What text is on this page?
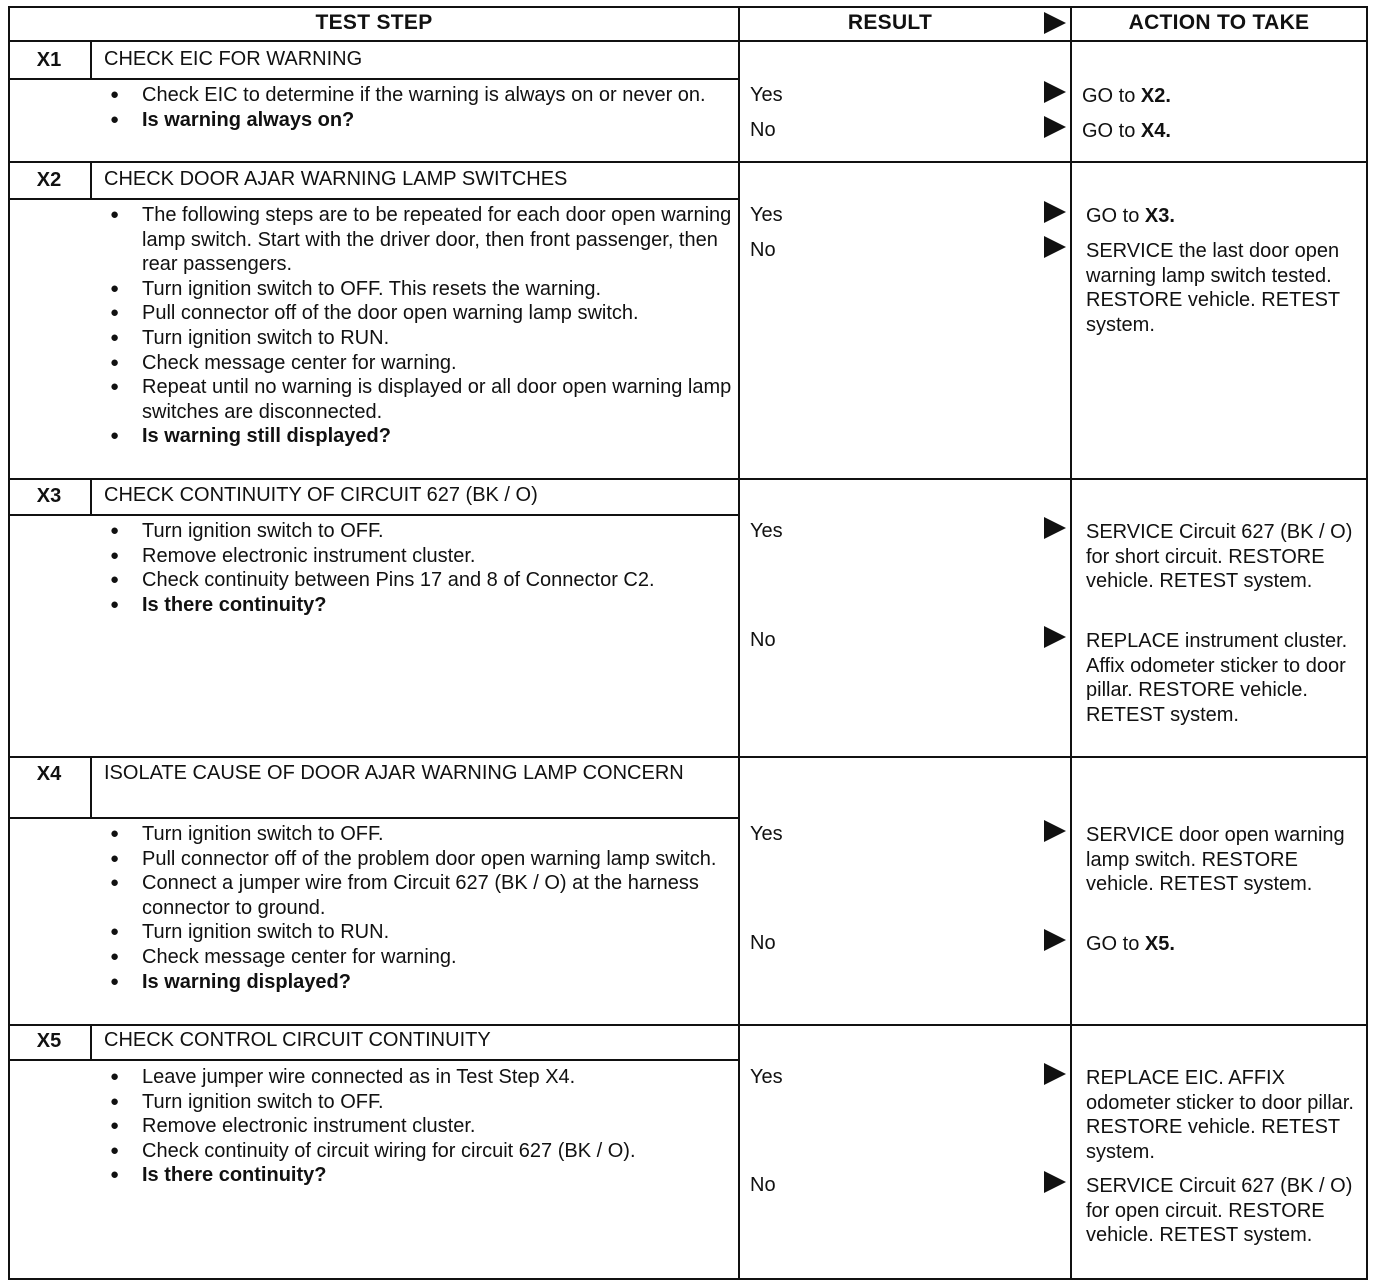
TEST STEP	RESULT	ACTION TO TAKE
X1	CHECK EIC FOR WARNING
● Check EIC to determine if the warning is always on or never on.
● Is warning always on?
Yes	GO to X2.
No	GO to X4.
X2	CHECK DOOR AJAR WARNING LAMP SWITCHES
● The following steps are to be repeated for each door open warning lamp switch. Start with the driver door, then front passenger, then rear passengers.
● Turn ignition switch to OFF. This resets the warning.
● Pull connector off of the door open warning lamp switch.
● Turn ignition switch to RUN.
● Check message center for warning.
● Repeat until no warning is displayed or all door open warning lamp switches are disconnected.
● Is warning still displayed?
Yes	GO to X3.
No	SERVICE the last door open warning lamp switch tested. RESTORE vehicle. RETEST system.
X3	CHECK CONTINUITY OF CIRCUIT 627 (BK / O)
● Turn ignition switch to OFF.
● Remove electronic instrument cluster.
● Check continuity between Pins 17 and 8 of Connector C2.
● Is there continuity?
Yes	SERVICE Circuit 627 (BK / O) for short circuit. RESTORE vehicle. RETEST system.
No	REPLACE instrument cluster. Affix odometer sticker to door pillar. RESTORE vehicle. RETEST system.
X4	ISOLATE CAUSE OF DOOR AJAR WARNING LAMP CONCERN
● Turn ignition switch to OFF.
● Pull connector off of the problem door open warning lamp switch.
● Connect a jumper wire from Circuit 627 (BK / O) at the harness connector to ground.
● Turn ignition switch to RUN.
● Check message center for warning.
● Is warning displayed?
Yes	SERVICE door open warning lamp switch. RESTORE vehicle. RETEST system.
No	GO to X5.
X5	CHECK CONTROL CIRCUIT CONTINUITY
● Leave jumper wire connected as in Test Step X4.
● Turn ignition switch to OFF.
● Remove electronic instrument cluster.
● Check continuity of circuit wiring for circuit 627 (BK / O).
● Is there continuity?
Yes	REPLACE EIC. AFFIX odometer sticker to door pillar. RESTORE vehicle. RETEST system.
No	SERVICE Circuit 627 (BK / O) for open circuit. RESTORE vehicle. RETEST system.
